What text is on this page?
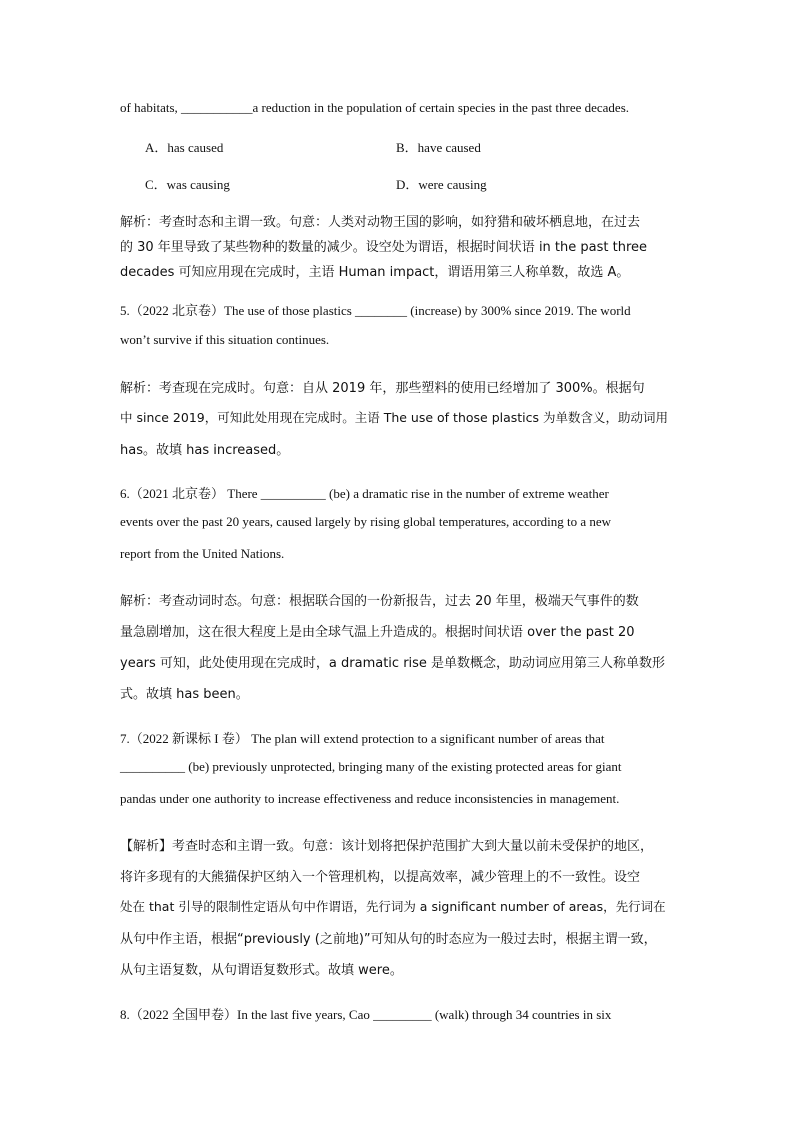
of habitats, ___________a reduction in the population of certain species in the past three decades.
A．has caused	B．have caused
C．was causing	D．were causing
解析：考查时态和主谓一致。句意：人类对动物王国的影响，如狩猎和破坏栖息地，在过去
的 30 年里导致了某些物种的数量的减少。设空处为谓语，根据时间状语 in the past three
decades 可知应用现在完成时，主语 Human impact，谓语用第三人称单数，故选 A。
5.（2022 北京卷）The use of those plastics ________ (increase) by 300% since 2019. The world
won’t survive if this situation continues.
解析：考查现在完成时。句意：自从 2019 年，那些塑料的使用已经增加了 300%。根据句
中 since 2019，可知此处用现在完成时。主语 The use of those plastics 为单数含义，助动词用
has。故填 has increased。
6.（2021 北京卷） There __________ (be) a dramatic rise in the number of extreme weather
events over the past 20 years, caused largely by rising global temperatures, according to a new
report from the United Nations.
解析：考查动词时态。句意：根据联合国的一份新报告，过去 20 年里，极端天气事件的数
量急剧增加，这在很大程度上是由全球气温上升造成的。根据时间状语 over the past 20
years 可知，此处使用现在完成时，a dramatic rise 是单数概念，助动词应用第三人称单数形
式。故填 has been。
7.（2022 新课标 I 卷） The plan will extend protection to a significant number of areas that
__________ (be) previously unprotected, bringing many of the existing protected areas for giant
pandas under one authority to increase effectiveness and reduce inconsistencies in management.
【解析】考查时态和主谓一致。句意：该计划将把保护范围扩大到大量以前未受保护的地区，
将许多现有的大熊猫保护区纳入一个管理机构，以提高效率，减少管理上的不一致性。设空
处在 that 引导的限制性定语从句中作谓语，先行词为 a significant number of areas，先行词在
从句中作主语，根据“previously (之前地)”可知从句的时态应为一般过去时，根据主谓一致，
从句主语复数，从句谓语复数形式。故填 were。
8.（2022 全国甲卷）In the last five years, Cao _________ (walk) through 34 countries in six
